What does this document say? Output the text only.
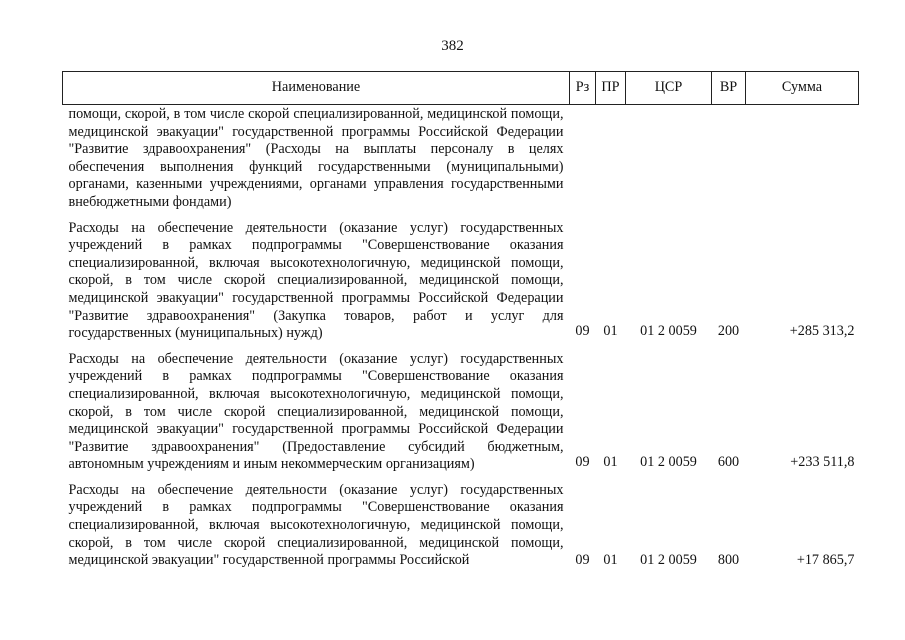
382
Наименование	Рз	ПР	ЦСР	ВР	Сумма
помощи, скорой, в том числе скорой специализированной, медицинской помощи, медицинской эвакуации" государственной программы Российской Федерации "Развитие здравоохранения" (Расходы на выплаты персоналу в целях обеспечения выполнения функций государственными (муниципальными) органами, казенными учреждениями, органами управления государственными внебюджетными фондами)					
Расходы на обеспечение деятельности (оказание услуг) государственных учреждений в рамках подпрограммы "Совершенствование оказания специализированной, включая высокотехнологичную, медицинской помощи, скорой, в том числе скорой специализированной, медицинской помощи, медицинской эвакуации" государственной программы Российской Федерации "Развитие здравоохранения" (Закупка товаров, работ и услуг для государственных (муниципальных) нужд)	09	01	01 2 0059	200	+285 313,2
Расходы на обеспечение деятельности (оказание услуг) государственных учреждений в рамках подпрограммы "Совершенствование оказания специализированной, включая высокотехнологичную, медицинской помощи, скорой, в том числе скорой специализированной, медицинской помощи, медицинской эвакуации" государственной программы Российской Федерации "Развитие здравоохранения" (Предоставление субсидий бюджетным, автономным учреждениям и иным некоммерческим организациям)	09	01	01 2 0059	600	+233 511,8
Расходы на обеспечение деятельности (оказание услуг) государственных учреждений в рамках подпрограммы "Совершенствование оказания специализированной, включая высокотехнологичную, медицинской помощи, скорой, в том числе скорой специализированной, медицинской помощи, медицинской эвакуации" государственной программы Российской	09	01	01 2 0059	800	+17 865,7
